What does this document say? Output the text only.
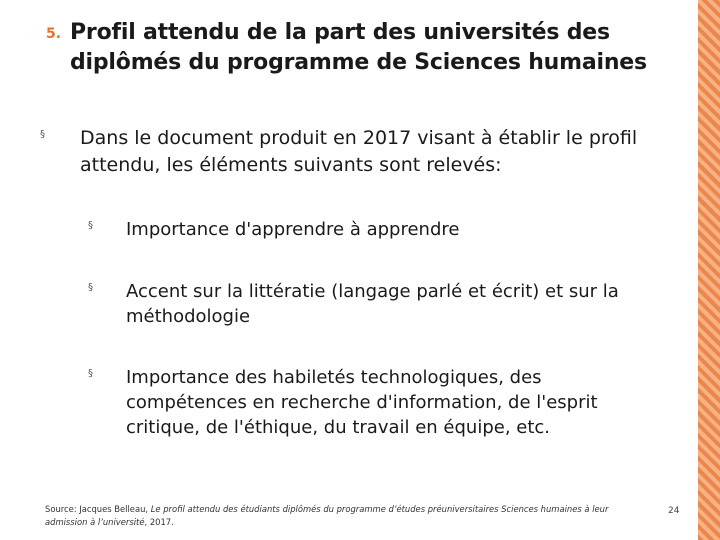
5. Profil attendu de la part des universités des
diplômés du programme de Sciences humaines
§ Dans le document produit en 2017 visant à établir le profil attendu, les éléments suivants sont relevés:
§ Importance d'apprendre à apprendre
§ Accent sur la littératie (langage parlé et écrit) et sur la méthodologie
§ Importance des habiletés technologiques, des compétences en recherche d'information, de l'esprit critique, de l'éthique, du travail en équipe, etc.
Source: Jacques Belleau, Le profil attendu des étudiants diplômés du programme d’études préuniversitaires Sciences humaines à leur admission à l’université, 2017.
24
